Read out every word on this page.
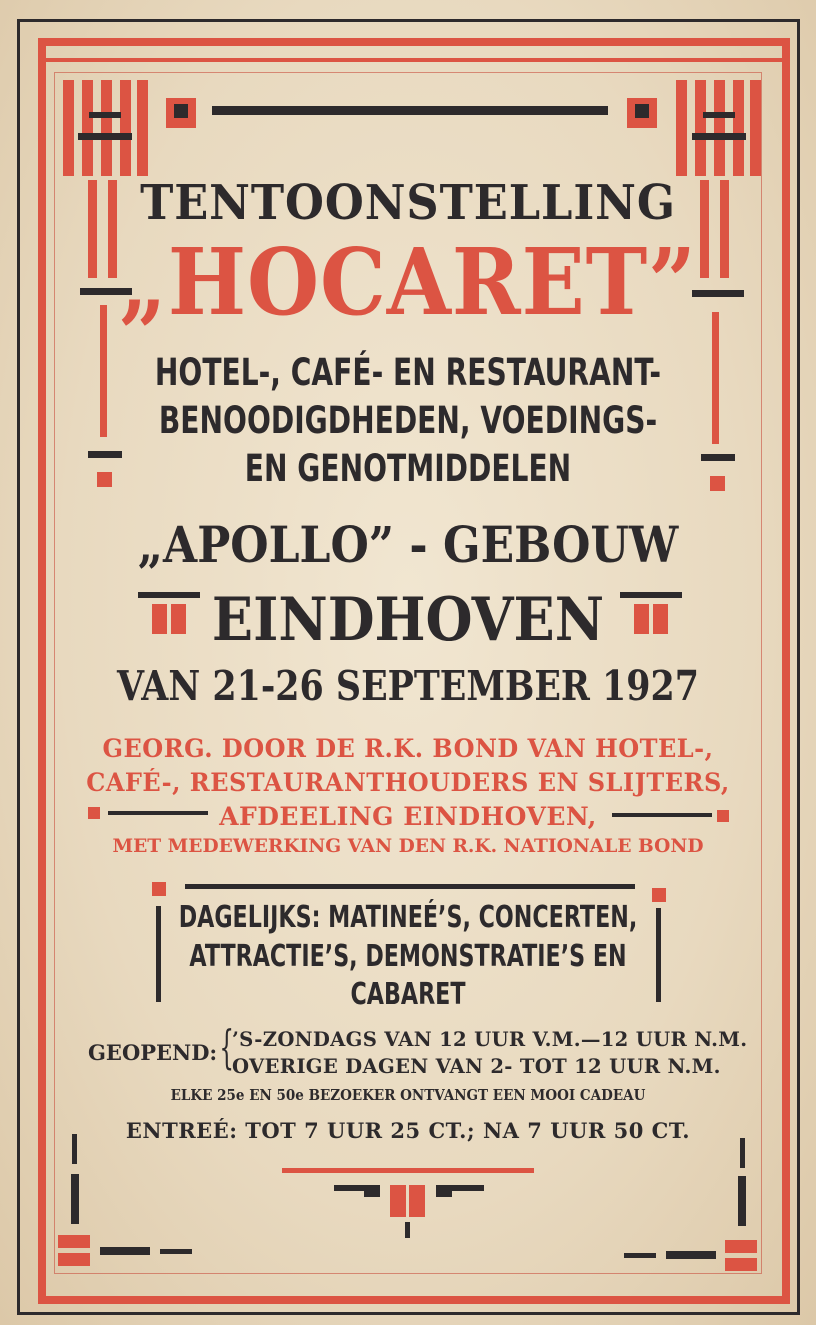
TENTOONSTELLING
„HOCARET”
HOTEL-, CAFÉ- EN RESTAURANT-
BENOODIGDHEDEN, VOEDINGS-
EN GENOTMIDDELEN
„APOLLO” - GEBOUW
EINDHOVEN
VAN 21-26 SEPTEMBER 1927
GEORG. DOOR DE R.K. BOND VAN HOTEL-,
CAFÉ-, RESTAURANTHOUDERS EN SLIJTERS,
AFDEELING EINDHOVEN,
MET MEDEWERKING VAN DEN R.K. NATIONALE BOND
DAGELIJKS: MATINEÉ’S, CONCERTEN,
ATTRACTIE’S, DEMONSTRATIE’S EN
CABARET
GEOPEND: {
’S-ZONDAGS VAN 12 UUR V.M.—12 UUR N.M.
OVERIGE DAGEN VAN 2- TOT 12 UUR N.M.
ELKE 25e EN 50e BEZOEKER ONTVANGT EEN MOOI CADEAU
ENTREÉ: TOT 7 UUR 25 CT.; NA 7 UUR 50 CT.
